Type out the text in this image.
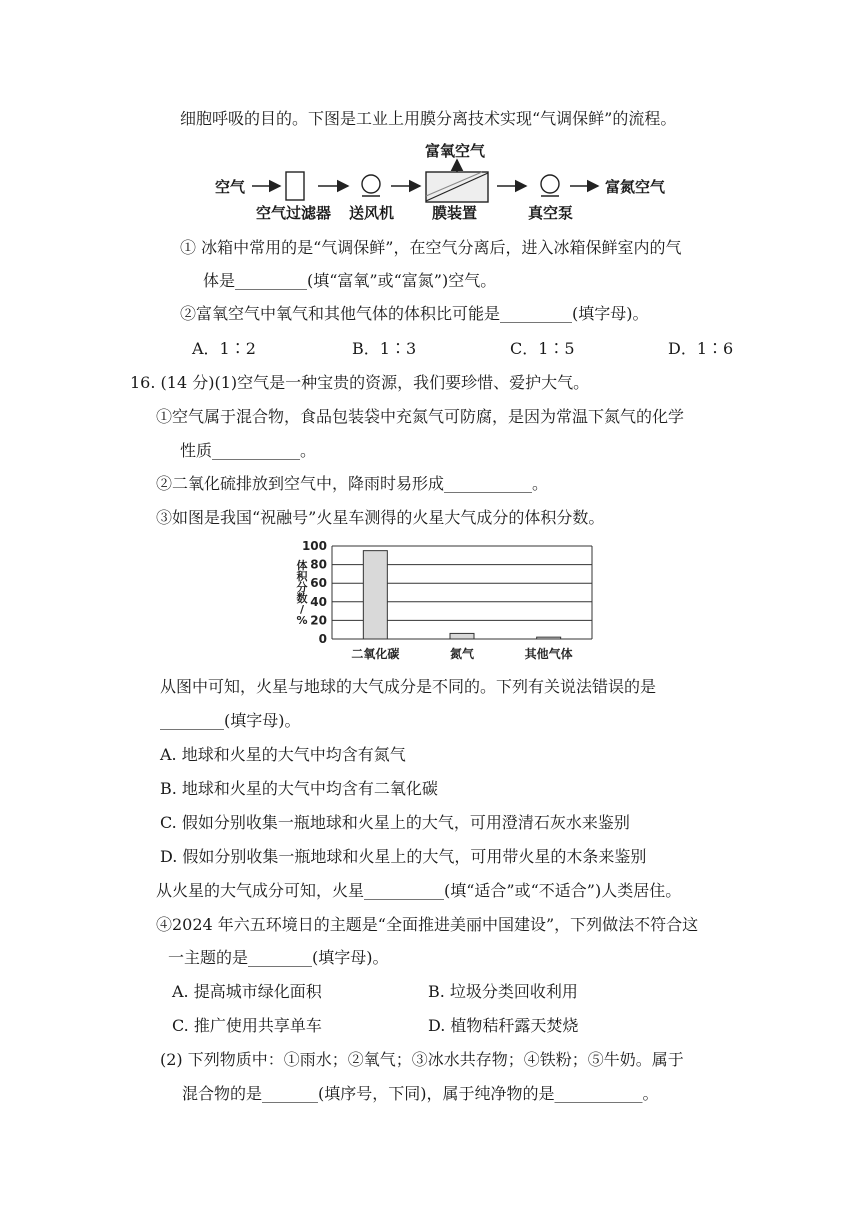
细胞呼吸的目的。下图是工业上用膜分离技术实现“气调保鲜”的流程。
空气
空气过滤器 送风机	膜装置
富氧空气
真空泵
富氮空气
① 冰箱中常用的是“气调保鲜”，在空气分离后，进入冰箱保鲜室内的气
体是_________(填“富氧”或“富氮”)空气。
②富氧空气中氧气和其他气体的体积比可能是_________(填字母)。
A．1∶2	B．1∶3	C．1∶5	D．1∶6
16. (14 分)(1)空气是一种宝贵的资源，我们要珍惜、爱护大气。
①空气属于混合物，食品包装袋中充氮气可防腐，是因为常温下氮气的化学
性质___________。
②二氧化硫排放到空气中，降雨时易形成___________。
③如图是我国“祝融号”火星车测得的火星大气成分的体积分数。
0
20
40
60
80
100
体
积
分
数
/
%
二氧化碳	氮气	其他气体
从图中可知，火星与地球的大气成分是不同的。下列有关说法错误的是
________(填字母)。
A. 地球和火星的大气中均含有氮气
B. 地球和火星的大气中均含有二氧化碳
C. 假如分别收集一瓶地球和火星上的大气，可用澄清石灰水来鉴别
D. 假如分别收集一瓶地球和火星上的大气，可用带火星的木条来鉴别
从火星的大气成分可知，火星__________(填“适合”或“不适合”)人类居住。
④2024 年六五环境日的主题是“全面推进美丽中国建设”，下列做法不符合这
一主题的是________(填字母)。
A. 提高城市绿化面积	B. 垃圾分类回收利用
C. 推广使用共享单车	D. 植物秸秆露天焚烧
(2) 下列物质中：①雨水；②氧气；③冰水共存物；④铁粉；⑤牛奶。属于
混合物的是_______(填序号，下同)，属于纯净物的是___________。
